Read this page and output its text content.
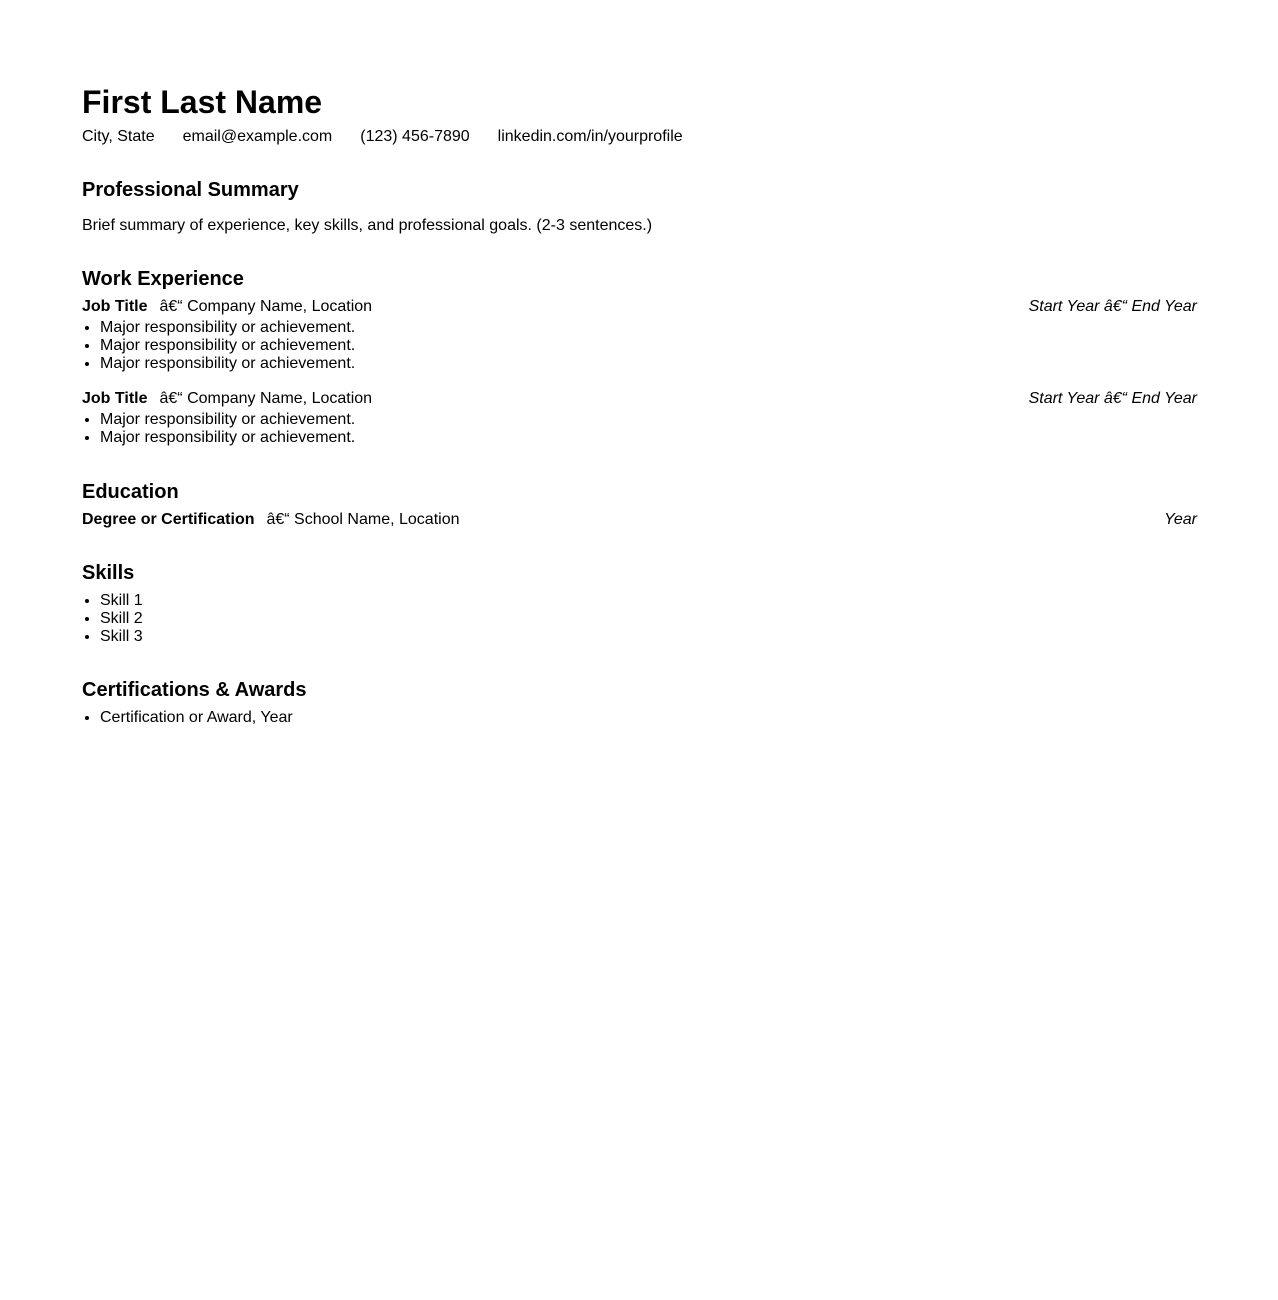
First Last Name
City, State email@example.com (123) 456-7890 linkedin.com/in/yourprofile
Professional Summary

Brief summary of experience, key skills, and professional goals. (2-3 sentences.)

Work Experience
Job Title â€“ Company Name, Location	Start Year â€“ End Year
• Major responsibility or achievement.
• Major responsibility or achievement.
• Major responsibility or achievement.
Job Title â€“ Company Name, Location	Start Year â€“ End Year
• Major responsibility or achievement.
• Major responsibility or achievement.
Education
Degree or Certification â€“ School Name, Location	Year
Skills
• Skill 1
• Skill 2
• Skill 3
Certifications & Awards
• Certification or Award, Year
